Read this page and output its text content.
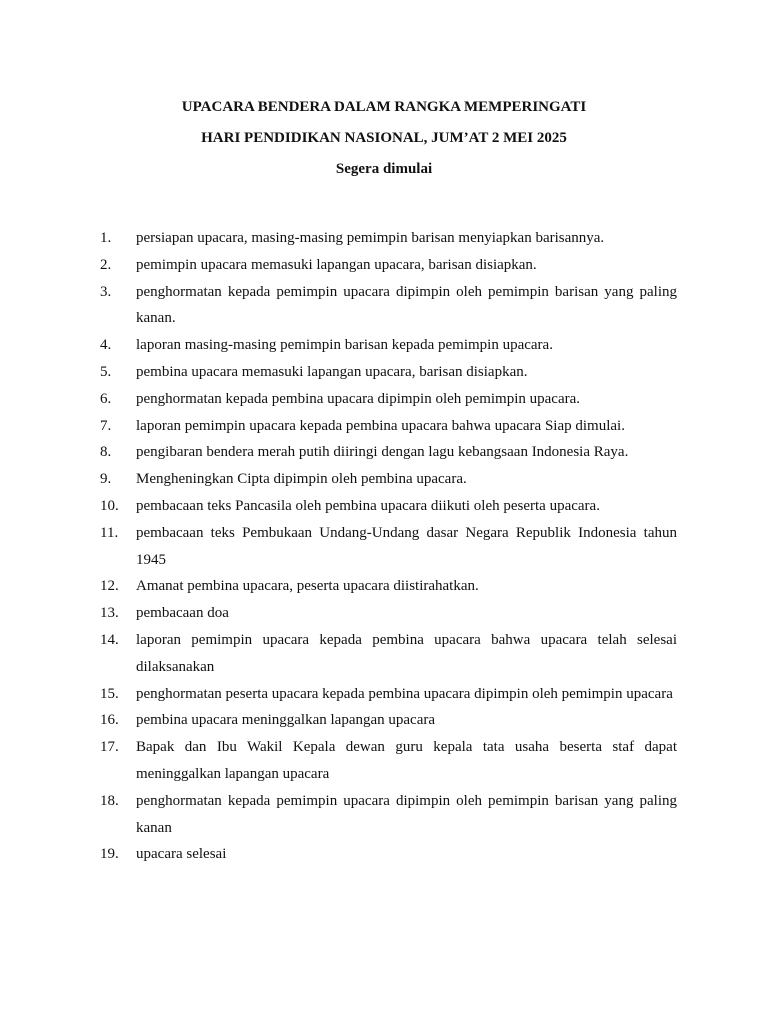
UPACARA BENDERA DALAM RANGKA MEMPERINGATI
HARI PENDIDIKAN NASIONAL, JUM’AT 2 MEI 2025
Segera dimulai
1.	persiapan upacara, masing-masing pemimpin barisan menyiapkan barisannya.
2.	pemimpin upacara memasuki lapangan upacara, barisan disiapkan.
3.	penghormatan kepada pemimpin upacara dipimpin oleh pemimpin barisan yang paling kanan.
4.	laporan masing-masing pemimpin barisan kepada pemimpin upacara.
5.	pembina upacara memasuki lapangan upacara, barisan disiapkan.
6.	penghormatan kepada pembina upacara dipimpin oleh pemimpin upacara.
7.	laporan pemimpin upacara kepada pembina upacara bahwa upacara Siap dimulai.
8.	pengibaran bendera merah putih diiringi dengan lagu kebangsaan Indonesia Raya.
9.	Mengheningkan Cipta dipimpin oleh pembina upacara.
10.	pembacaan teks Pancasila oleh pembina upacara diikuti oleh peserta upacara.
11.	pembacaan teks Pembukaan Undang-Undang dasar Negara Republik Indonesia tahun 1945
12.	Amanat pembina upacara, peserta upacara diistirahatkan.
13.	pembacaan doa
14.	laporan pemimpin upacara kepada pembina upacara bahwa upacara telah selesai dilaksanakan
15.	penghormatan peserta upacara kepada pembina upacara dipimpin oleh pemimpin upacara
16.	pembina upacara meninggalkan lapangan upacara
17.	Bapak dan Ibu Wakil Kepala dewan guru kepala tata usaha beserta staf dapat meninggalkan lapangan upacara
18.	penghormatan kepada pemimpin upacara dipimpin oleh pemimpin barisan yang paling kanan
19.	upacara selesai
